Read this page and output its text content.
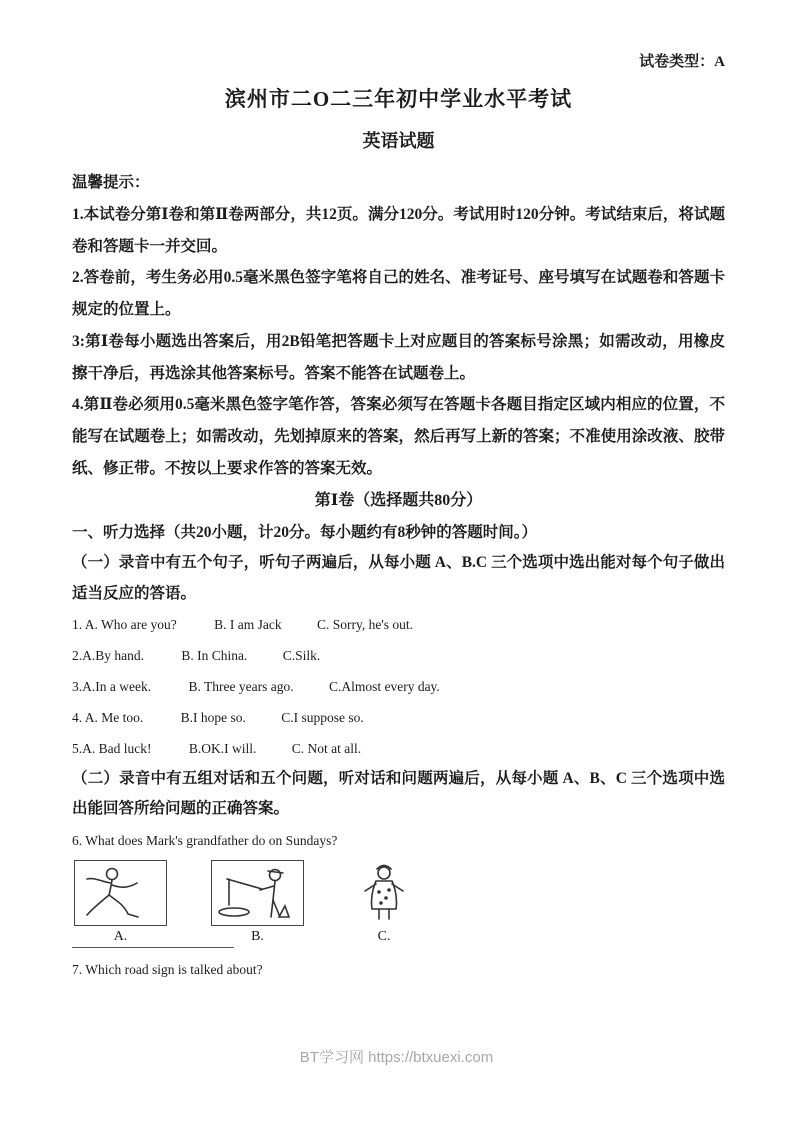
试卷类型：A
滨州市二O二三年初中学业水平考试
英语试题
温馨提示：

1.本试卷分第Ⅰ卷和第Ⅱ卷两部分，共12页。满分120分。考试用时120分钟。考试结束后，将试题卷和答题卡一并交回。

2.答卷前，考生务必用0.5毫米黑色签字笔将自己的姓名、准考证号、座号填写在试题卷和答题卡规定的位置上。

3:第Ⅰ卷每小题选出答案后，用2B铅笔把答题卡上对应题目的答案标号涂黑；如需改动，用橡皮擦干净后，再选涂其他答案标号。答案不能答在试题卷上。

4.第Ⅱ卷必须用0.5毫米黑色签字笔作答，答案必须写在答题卡各题目指定区域内相应的位置，不能写在试题卷上；如需改动，先划掉原来的答案，然后再写上新的答案；不准使用涂改液、胶带纸、修正带。不按以上要求作答的答案无效。

第Ⅰ卷（选择题共80分）
一、听力选择（共20小题，计20分。每小题约有8秒钟的答题时间。）

（一）录音中有五个句子，听句子两遍后，从每小题 A、B.C 三个选项中选出能对每个句子做出适当反应的答语。

1. A. Who are you?	B. I am Jack	C. Sorry, he's out.
2.A.By hand.	B. In China.	C.Silk.
3.A.In a week.	B. Three years ago.	C.Almost every day.
4. A. Me too.	B.I hope so.	C.I suppose so.
5.A. Bad luck!	B.OK.I will.	C. Not at all.

（二）录音中有五组对话和五个问题，听对话和问题两遍后，从每小题 A、B、C 三个选项中选出能回答所给问题的正确答案。

6. What does Mark's grandfather do on Sundays?
A.	B.	C.
7. Which road sign is talked about?
BT学习网 https://btxuexi.com
